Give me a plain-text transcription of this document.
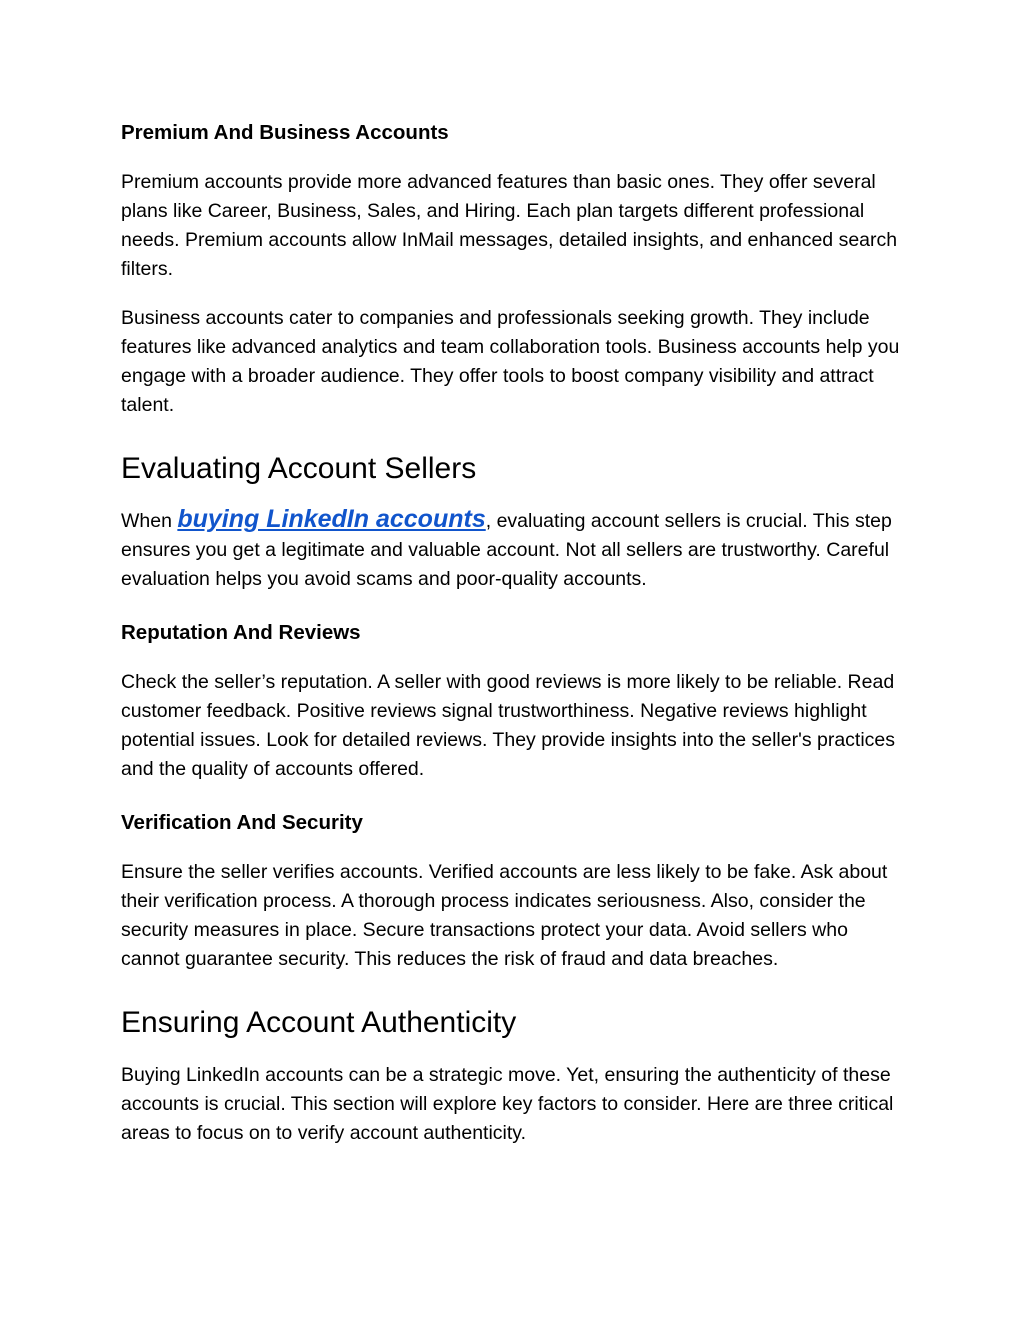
Premium And Business Accounts

Premium accounts provide more advanced features than basic ones. They offer several plans like Career, Business, Sales, and Hiring. Each plan targets different professional needs. Premium accounts allow InMail messages, detailed insights, and enhanced search filters.

Business accounts cater to companies and professionals seeking growth. They include features like advanced analytics and team collaboration tools. Business accounts help you engage with a broader audience. They offer tools to boost company visibility and attract talent.

Evaluating Account Sellers

When buying LinkedIn accounts, evaluating account sellers is crucial. This step ensures you get a legitimate and valuable account. Not all sellers are trustworthy. Careful evaluation helps you avoid scams and poor-quality accounts.

Reputation And Reviews

Check the seller’s reputation. A seller with good reviews is more likely to be reliable. Read customer feedback. Positive reviews signal trustworthiness. Negative reviews highlight potential issues. Look for detailed reviews. They provide insights into the seller's practices and the quality of accounts offered.

Verification And Security

Ensure the seller verifies accounts. Verified accounts are less likely to be fake. Ask about their verification process. A thorough process indicates seriousness. Also, consider the security measures in place. Secure transactions protect your data. Avoid sellers who cannot guarantee security. This reduces the risk of fraud and data breaches.

Ensuring Account Authenticity

Buying LinkedIn accounts can be a strategic move. Yet, ensuring the authenticity of these accounts is crucial. This section will explore key factors to consider. Here are three critical areas to focus on to verify account authenticity.
